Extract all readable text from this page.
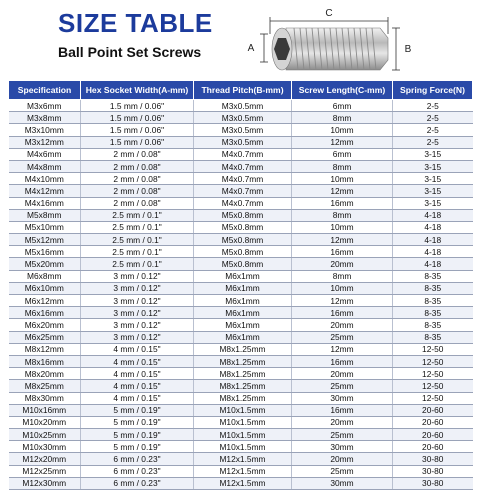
SIZE TABLE
Ball Point Set Screws
C
A	B
Specification	Hex Socket Width(A-mm)	Thread Pitch(B-mm)	Screw Length(C-mm)	Spring Force(N)
M3x6mm	1.5 mm / 0.06"	M3x0.5mm	6mm	2-5
M3x8mm	1.5 mm / 0.06"	M3x0.5mm	8mm	2-5
M3x10mm	1.5 mm / 0.06"	M3x0.5mm	10mm	2-5
M3x12mm	1.5 mm / 0.06"	M3x0.5mm	12mm	2-5
M4x6mm	2 mm / 0.08"	M4x0.7mm	6mm	3-15
M4x8mm	2 mm / 0.08"	M4x0.7mm	8mm	3-15
M4x10mm	2 mm / 0.08"	M4x0.7mm	10mm	3-15
M4x12mm	2 mm / 0.08"	M4x0.7mm	12mm	3-15
M4x16mm	2 mm / 0.08"	M4x0.7mm	16mm	3-15
M5x8mm	2.5 mm / 0.1"	M5x0.8mm	8mm	4-18
M5x10mm	2.5 mm / 0.1"	M5x0.8mm	10mm	4-18
M5x12mm	2.5 mm / 0.1"	M5x0.8mm	12mm	4-18
M5x16mm	2.5 mm / 0.1"	M5x0.8mm	16mm	4-18
M5x20mm	2.5 mm / 0.1"	M5x0.8mm	20mm	4-18
M6x8mm	3 mm / 0.12"	M6x1mm	8mm	8-35
M6x10mm	3 mm / 0.12"	M6x1mm	10mm	8-35
M6x12mm	3 mm / 0.12"	M6x1mm	12mm	8-35
M6x16mm	3 mm / 0.12"	M6x1mm	16mm	8-35
M6x20mm	3 mm / 0.12"	M6x1mm	20mm	8-35
M6x25mm	3 mm / 0.12"	M6x1mm	25mm	8-35
M8x12mm	4 mm / 0.15"	M8x1.25mm	12mm	12-50
M8x16mm	4 mm / 0.15"	M8x1.25mm	16mm	12-50
M8x20mm	4 mm / 0.15"	M8x1.25mm	20mm	12-50
M8x25mm	4 mm / 0.15"	M8x1.25mm	25mm	12-50
M8x30mm	4 mm / 0.15"	M8x1.25mm	30mm	12-50
M10x16mm	5 mm / 0.19"	M10x1.5mm	16mm	20-60
M10x20mm	5 mm / 0.19"	M10x1.5mm	20mm	20-60
M10x25mm	5 mm / 0.19"	M10x1.5mm	25mm	20-60
M10x30mm	5 mm / 0.19"	M10x1.5mm	30mm	20-60
M12x20mm	6 mm / 0.23"	M12x1.5mm	20mm	30-80
M12x25mm	6 mm / 0.23"	M12x1.5mm	25mm	30-80
M12x30mm	6 mm / 0.23"	M12x1.5mm	30mm	30-80
